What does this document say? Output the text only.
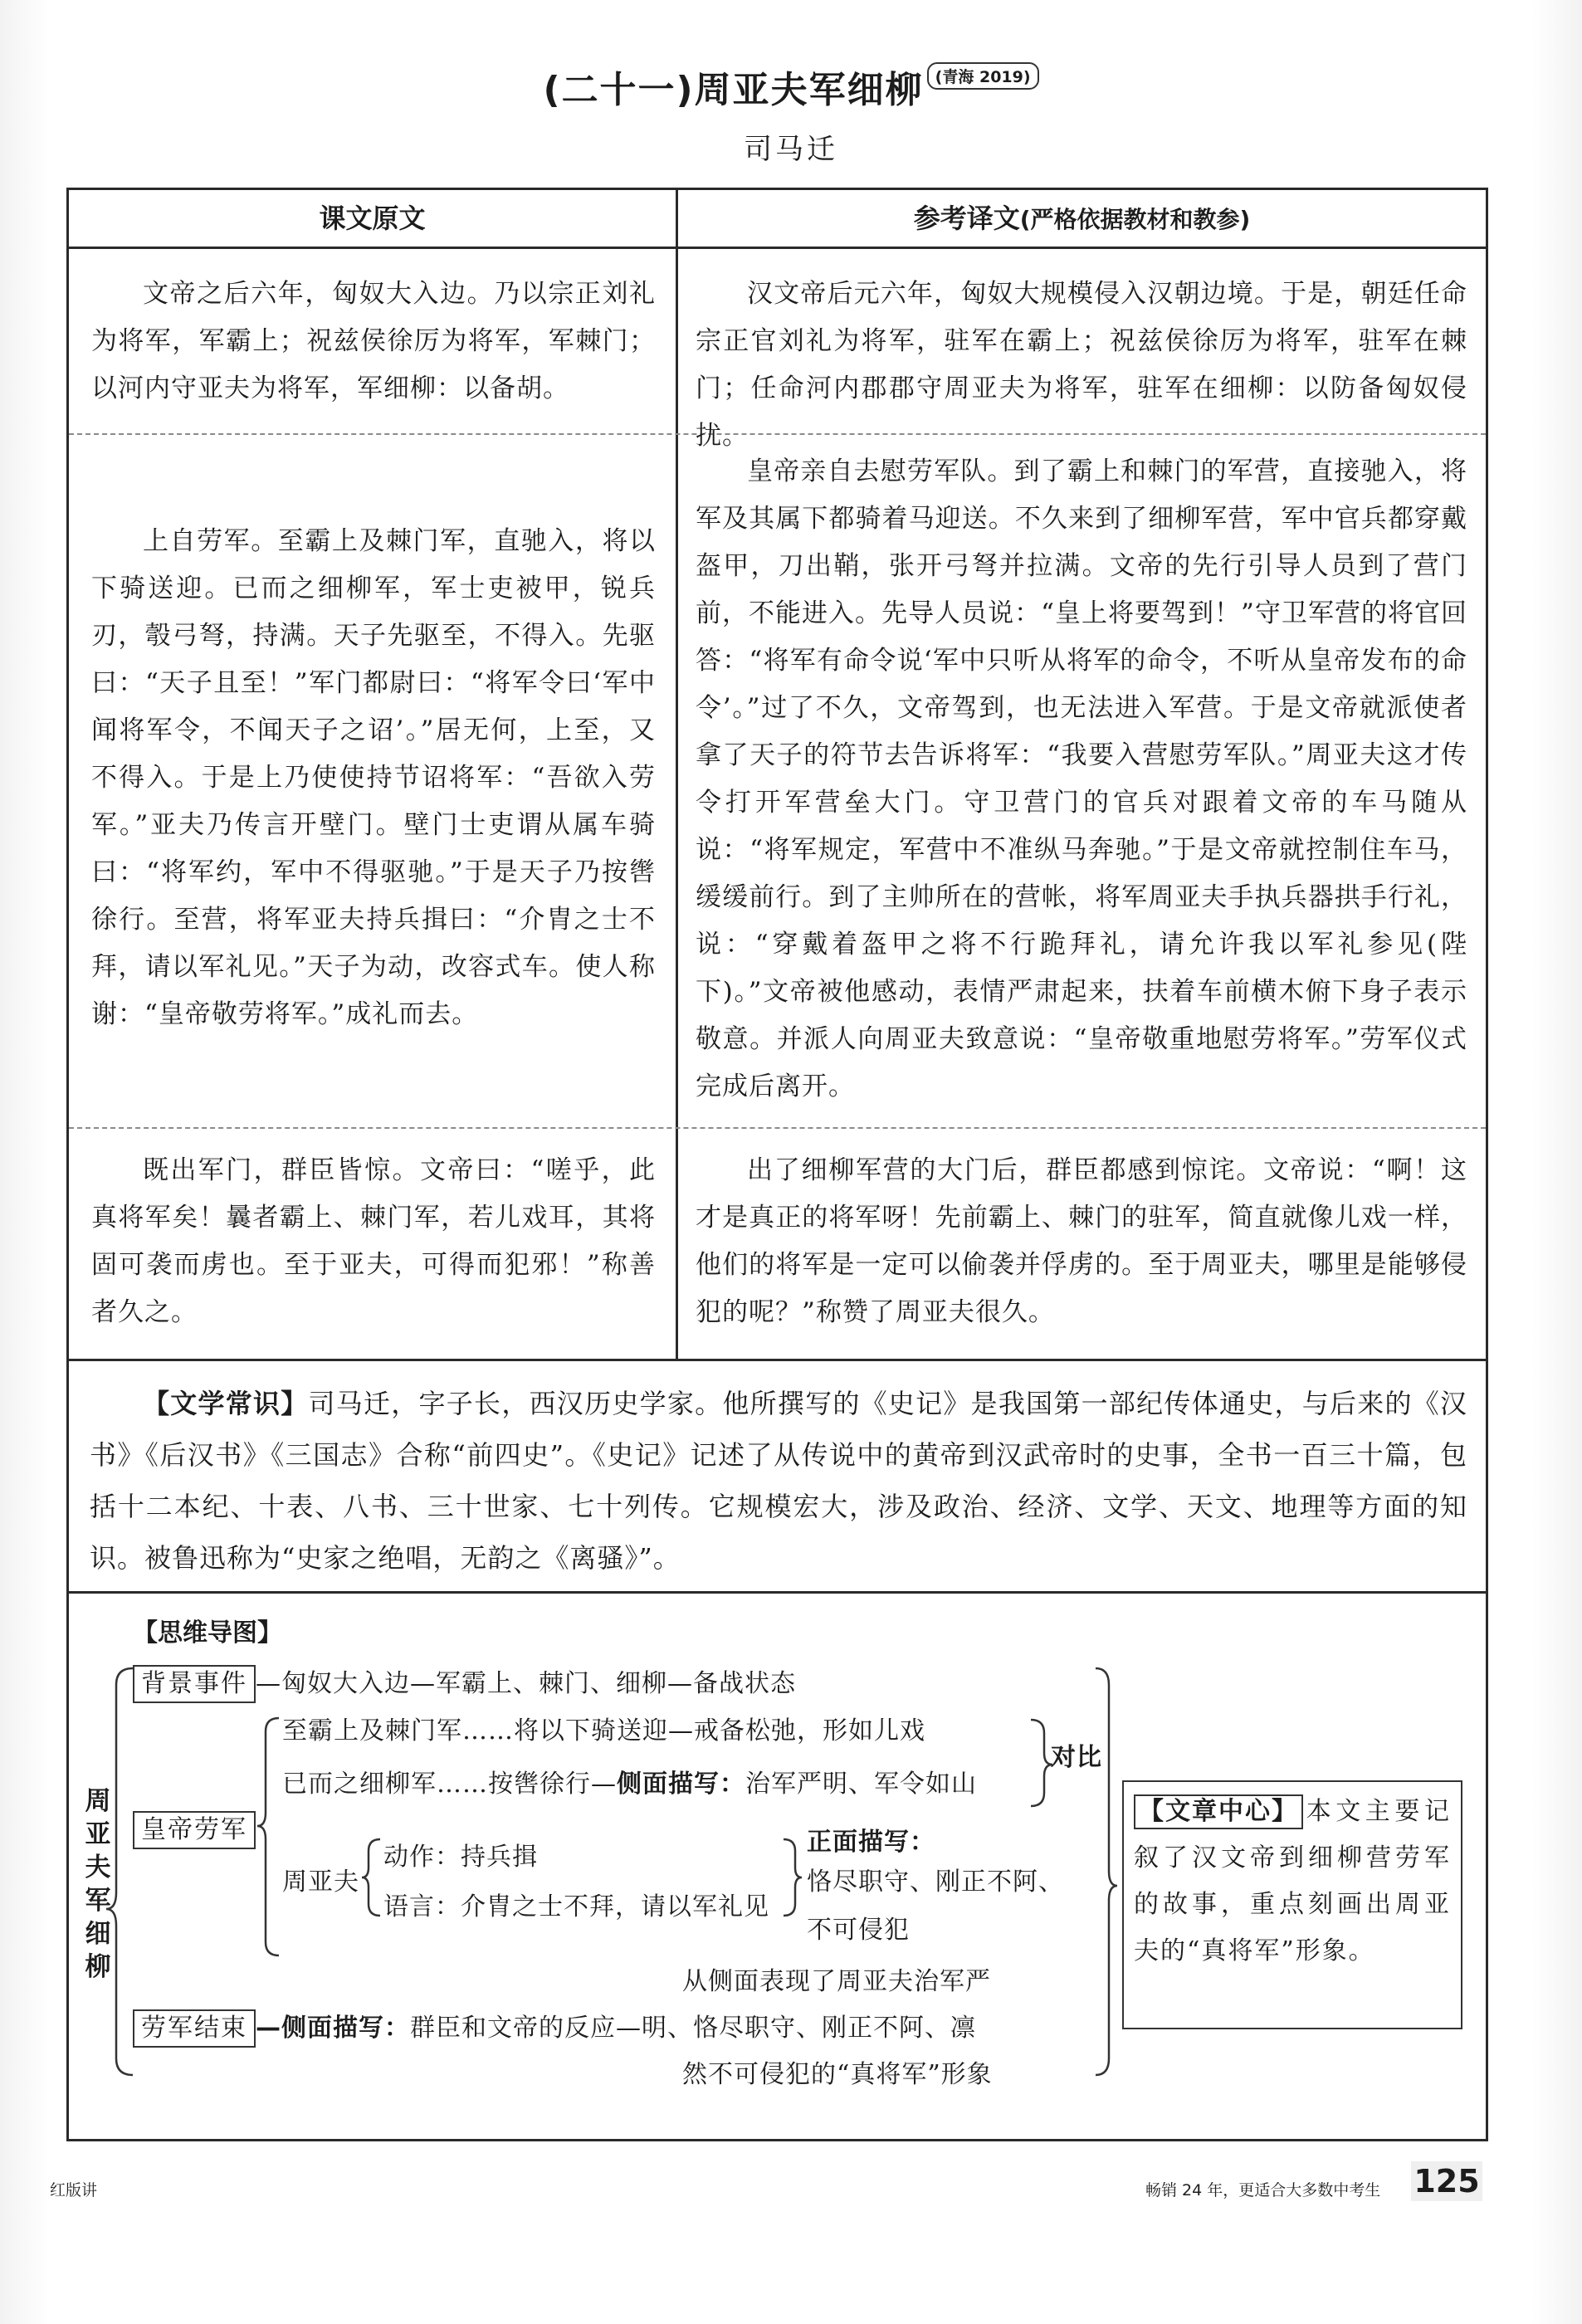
(二十一)周亚夫军细柳 (青海 2019)
司马迁
课文原文	参考译文(严格依据教材和教参)

文帝之后六年，匈奴大入边。乃以宗正刘礼为将军，军霸上；祝兹侯徐厉为将军，军棘门；以河内守亚夫为将军，军细柳：以备胡。

汉文帝后元六年，匈奴大规模侵入汉朝边境。于是，朝廷任命宗正官刘礼为将军，驻军在霸上；祝兹侯徐厉为将军，驻军在棘门；任命河内郡郡守周亚夫为将军，驻军在细柳：以防备匈奴侵扰。

上自劳军。至霸上及棘门军，直驰入，将以下骑送迎。已而之细柳军，军士吏被甲，锐兵刃，彀弓弩，持满。天子先驱至，不得入。先驱曰：“天子且至！”军门都尉曰：“将军令曰‘军中闻将军令，不闻天子之诏’。”居无何，上至，又不得入。于是上乃使使持节诏将军：“吾欲入劳军。”亚夫乃传言开壁门。壁门士吏谓从属车骑曰：“将军约，军中不得驱驰。”于是天子乃按辔徐行。至营，将军亚夫持兵揖曰：“介胄之士不拜，请以军礼见。”天子为动，改容式车。使人称谢：“皇帝敬劳将军。”成礼而去。

皇帝亲自去慰劳军队。到了霸上和棘门的军营，直接驰入，将军及其属下都骑着马迎送。不久来到了细柳军营，军中官兵都穿戴盔甲，刀出鞘，张开弓弩并拉满。文帝的先行引导人员到了营门前，不能进入。先导人员说：“皇上将要驾到！”守卫军营的将官回答：“将军有命令说‘军中只听从将军的命令，不听从皇帝发布的命令’。”过了不久，文帝驾到，也无法进入军营。于是文帝就派使者拿了天子的符节去告诉将军：“我要入营慰劳军队。”周亚夫这才传令打开军营垒大门。守卫营门的官兵对跟着文帝的车马随从说：“将军规定，军营中不准纵马奔驰。”于是文帝就控制住车马，缓缓前行。到了主帅所在的营帐，将军周亚夫手执兵器拱手行礼，说：“穿戴着盔甲之将不行跪拜礼，请允许我以军礼参见(陛下)。”文帝被他感动，表情严肃起来，扶着车前横木俯下身子表示敬意。并派人向周亚夫致意说：“皇帝敬重地慰劳将军。”劳军仪式完成后离开。

既出军门，群臣皆惊。文帝曰：“嗟乎，此真将军矣！曩者霸上、棘门军，若儿戏耳，其将固可袭而虏也。至于亚夫，可得而犯邪！”称善者久之。

出了细柳军营的大门后，群臣都感到惊诧。文帝说：“啊！这才是真正的将军呀！先前霸上、棘门的驻军，简直就像儿戏一样，他们的将军是一定可以偷袭并俘虏的。至于周亚夫，哪里是能够侵犯的呢？”称赞了周亚夫很久。

【文学常识】司马迁，字子长，西汉历史学家。他所撰写的《史记》是我国第一部纪传体通史，与后来的《汉书》《后汉书》《三国志》合称“前四史”。《史记》记述了从传说中的黄帝到汉武帝时的史事，全书一百三十篇，包括十二本纪、十表、八书、三十世家、七十列传。它规模宏大，涉及政治、经济、文学、天文、地理等方面的知识。被鲁迅称为“史家之绝唱，无韵之《离骚》”。
【思维导图】
周亚夫军细柳
背景事件 —匈奴大入边—军霸上、棘门、细柳—备战状态
至霸上及棘门军……将以下骑送迎—戒备松弛，形如儿戏
已而之细柳军……按辔徐行—侧面描写：治军严明、军令如山
对比
皇帝劳军
周亚夫
动作：持兵揖
语言：介胄之士不拜，请以军礼见
正面描写：
恪尽职守、刚正不阿、
不可侵犯
从侧面表现了周亚夫治军严
劳军结束 —侧面描写：群臣和文帝的反应—明、恪尽职守、刚正不阿、凛
然不可侵犯的“真将军”形象
【文章中心】 本文主要记叙了汉文帝到细柳营劳军的故事，重点刻画出周亚夫的“真将军”形象。
红版讲	畅销 24 年，更适合大多数中考生 125
